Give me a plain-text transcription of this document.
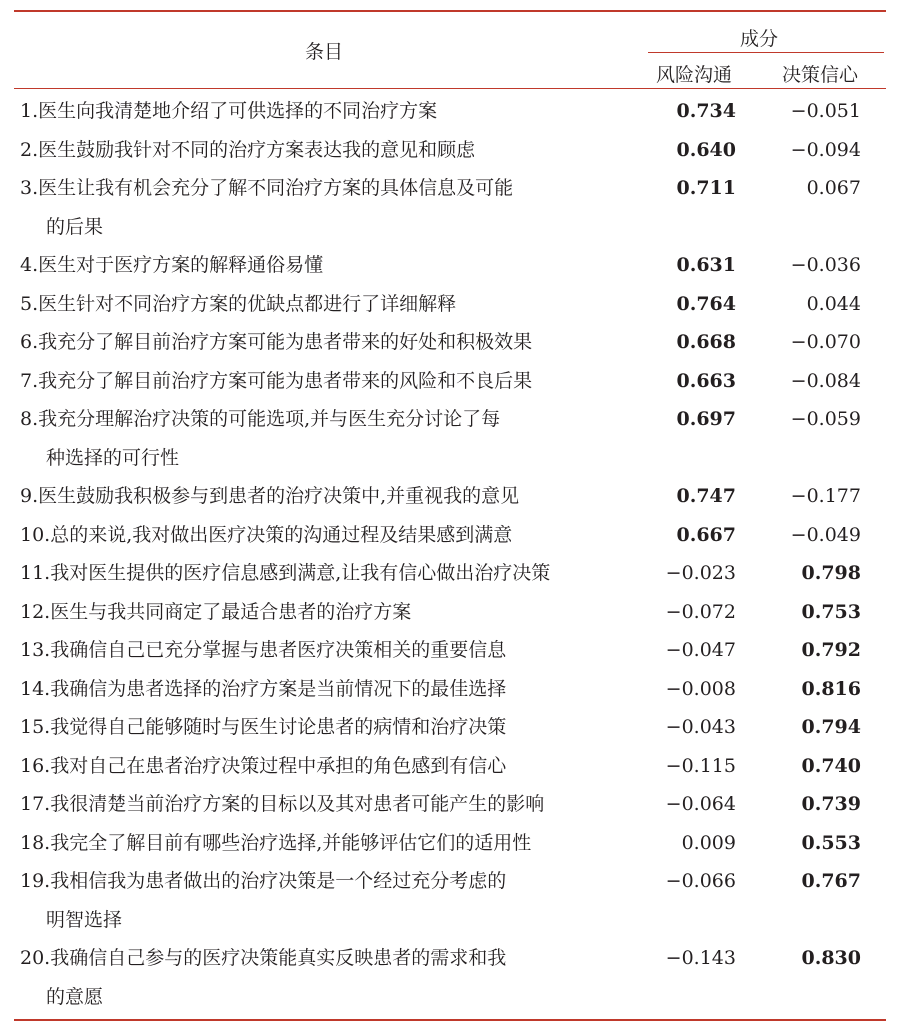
条目
成分
风险沟通	决策信心
1.医生向我清楚地介绍了可供选择的不同治疗方案	0.734	−0.051
2.医生鼓励我针对不同的治疗方案表达我的意见和顾虑	0.640	−0.094
3.医生让我有机会充分了解不同治疗方案的具体信息及可能
的后果
0.711	0.067
4.医生对于医疗方案的解释通俗易懂	0.631	−0.036
5.医生针对不同治疗方案的优缺点都进行了详细解释	0.764	0.044
6.我充分了解目前治疗方案可能为患者带来的好处和积极效果	0.668	−0.070
7.我充分了解目前治疗方案可能为患者带来的风险和不良后果	0.663	−0.084
8.我充分理解治疗决策的可能选项,并与医生充分讨论了每
种选择的可行性
0.697	−0.059
9.医生鼓励我积极参与到患者的治疗决策中,并重视我的意见	0.747	−0.177
10.总的来说,我对做出医疗决策的沟通过程及结果感到满意	0.667	−0.049
11.我对医生提供的医疗信息感到满意,让我有信心做出治疗决策	−0.023	0.798
12.医生与我共同商定了最适合患者的治疗方案	−0.072	0.753
13.我确信自己已充分掌握与患者医疗决策相关的重要信息	−0.047	0.792
14.我确信为患者选择的治疗方案是当前情况下的最佳选择	−0.008	0.816
15.我觉得自己能够随时与医生讨论患者的病情和治疗决策	−0.043	0.794
16.我对自己在患者治疗决策过程中承担的角色感到有信心	−0.115	0.740
17.我很清楚当前治疗方案的目标以及其对患者可能产生的影响	−0.064	0.739
18.我完全了解目前有哪些治疗选择,并能够评估它们的适用性	0.009	0.553
19.我相信我为患者做出的治疗决策是一个经过充分考虑的
明智选择
−0.066	0.767
20.我确信自己参与的医疗决策能真实反映患者的需求和我
的意愿
−0.143	0.830
